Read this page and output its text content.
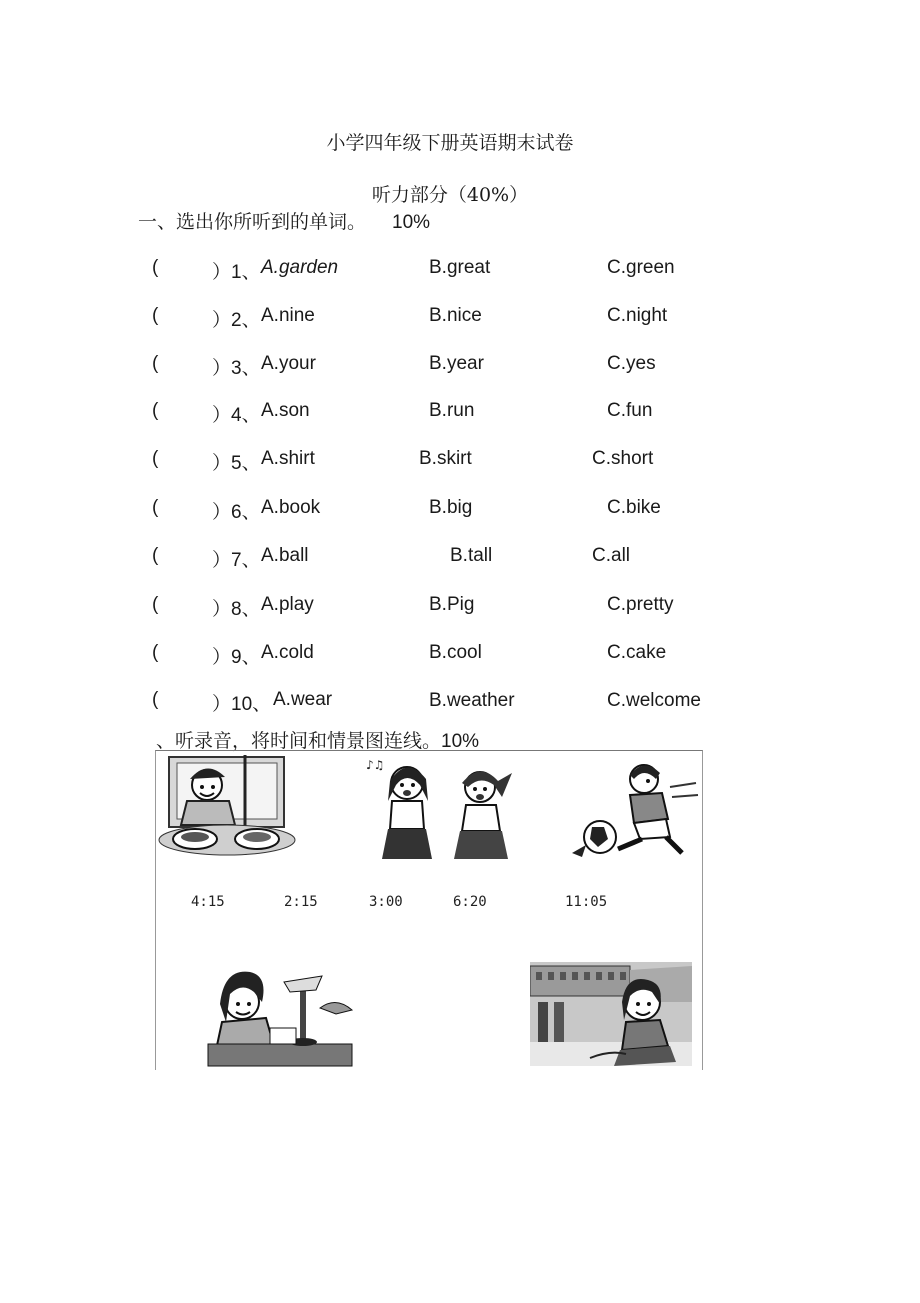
小学四年级下册英语期末试卷
听力部分（40%）
一、选出你所听到的单词。 10%
(	）1、 A.garden	B.great	C.green
(	）2、 A.nine	B.nice	C.night
(	）3、 A.your	B.year	C.yes
(	）4、 A.son	B.run	C.fun
(	）5、 A.shirt	B.skirt	C.short
(	）6、 A.book	B.big	C.bike
(	）7、 A.ball	B.tall	C.all
(	）8、 A.play	B.Pig	C.pretty
(	）9、 A.cold	B.cool	C.cake
(	）10、 A.wear	B.weather	C.welcome
、听录音，将时间和情景图连线。10%
♪♫
4:15	2:15	3:00	6:20	11:05
